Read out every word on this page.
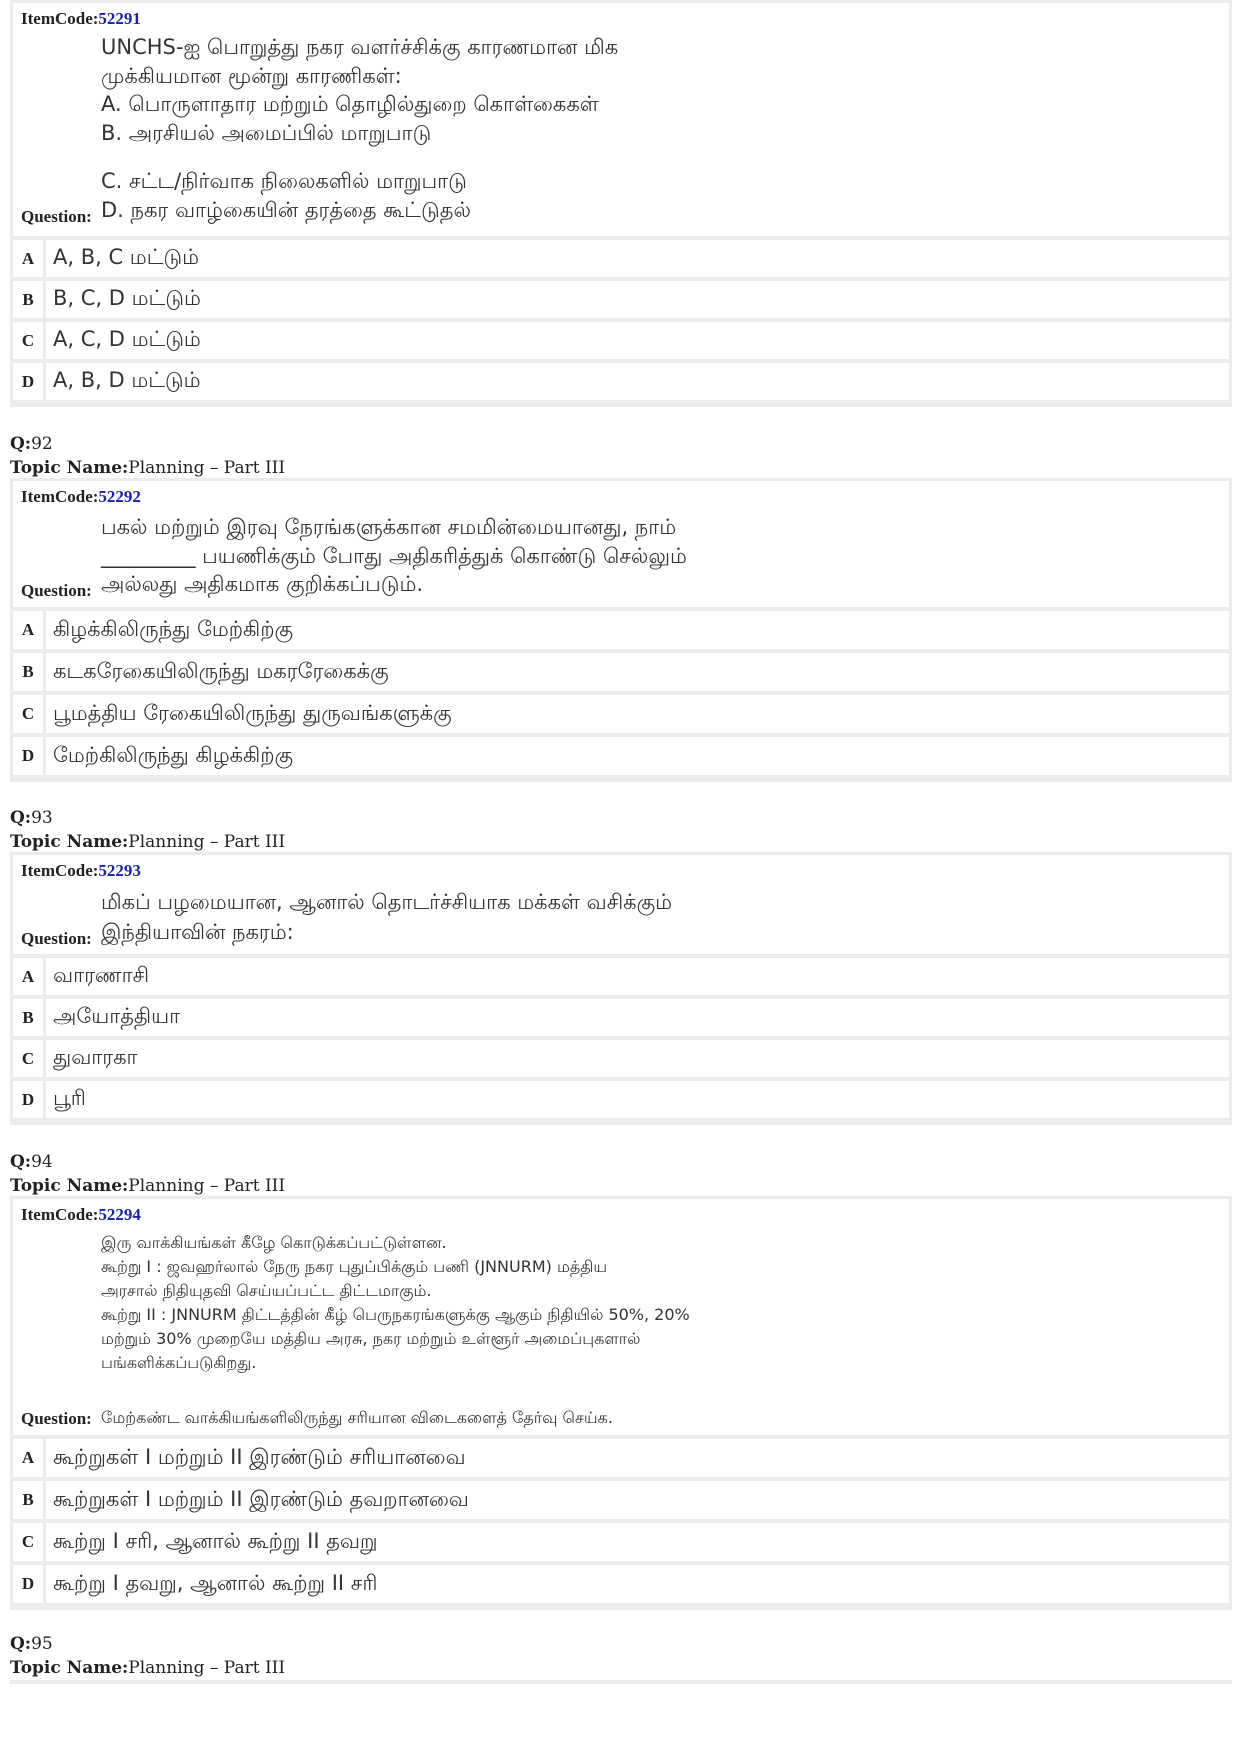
ItemCode:52291
UNCHS-ஐ பொறுத்து நகர வளர்ச்சிக்கு காரணமான மிக
முக்கியமான மூன்று காரணிகள்:
A. பொருளாதார மற்றும் தொழில்துறை கொள்கைகள்
B. அரசியல் அமைப்பில் மாறுபாடு
C. சட்ட/நிர்வாக நிலைகளில் மாறுபாடு
D. நகர வாழ்கையின் தரத்தை கூட்டுதல்
Question:
A A, B, C மட்டும்
B B, C, D மட்டும்
C A, C, D மட்டும்
D A, B, D மட்டும்
Q:92
Topic Name:Planning – Part III
ItemCode:52292
பகல் மற்றும் இரவு நேரங்களுக்கான சமமின்மையானது, நாம்
_________ பயணிக்கும் போது அதிகரித்துக் கொண்டு செல்லும்
அல்லது அதிகமாக குறிக்கப்படும்.
Question:
A கிழக்கிலிருந்து மேற்கிற்கு
B கடகரேகையிலிருந்து மகரரேகைக்கு
C பூமத்திய ரேகையிலிருந்து துருவங்களுக்கு
D மேற்கிலிருந்து கிழக்கிற்கு
Q:93
Topic Name:Planning – Part III
ItemCode:52293
மிகப் பழமையான, ஆனால் தொடர்ச்சியாக மக்கள் வசிக்கும்
இந்தியாவின் நகரம்:
Question:
A வாரணாசி
B அயோத்தியா
C துவாரகா
D பூரி
Q:94
Topic Name:Planning – Part III
ItemCode:52294
இரு வாக்கியங்கள் கீழே கொடுக்கப்பட்டுள்ளன.
கூற்று I : ஜவஹர்லால் நேரு நகர புதுப்பிக்கும் பணி (JNNURM) மத்திய
அரசால் நிதியுதவி செய்யப்பட்ட திட்டமாகும்.
கூற்று II : JNNURM திட்டத்தின் கீழ் பெருநகரங்களுக்கு ஆகும் நிதியில் 50%, 20%
மற்றும் 30% முறையே மத்திய அரசு, நகர மற்றும் உள்ளூர் அமைப்புகளால்
பங்களிக்கப்படுகிறது.
மேற்கண்ட வாக்கியங்களிலிருந்து சரியான விடைகளைத் தேர்வு செய்க.
Question:
A கூற்றுகள் I மற்றும் II இரண்டும் சரியானவை
B கூற்றுகள் I மற்றும் II இரண்டும் தவறானவை
C கூற்று I சரி, ஆனால் கூற்று II தவறு
D கூற்று I தவறு, ஆனால் கூற்று II சரி
Q:95
Topic Name:Planning – Part III
